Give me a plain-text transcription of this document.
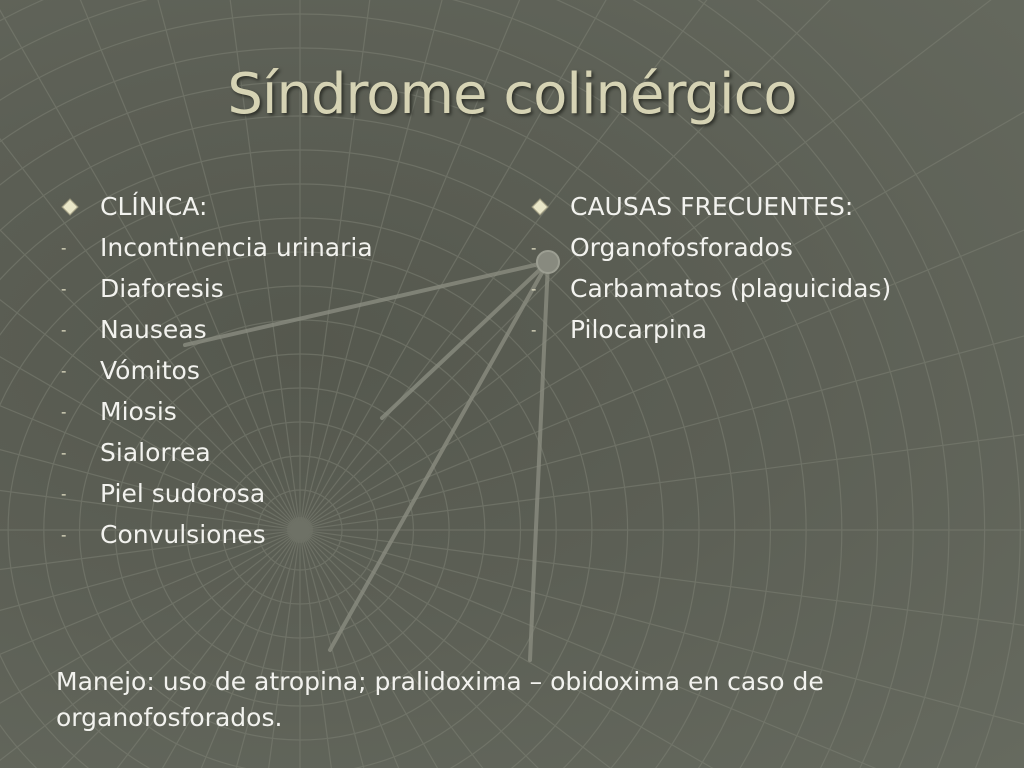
Síndrome colinérgico
CLÍNICA:
- Incontinencia urinaria
- Diaforesis
- Nauseas
- Vómitos
- Miosis
- Sialorrea
- Piel sudorosa
- Convulsiones
CAUSAS FRECUENTES:
- Organofosforados
- Carbamatos (plaguicidas)
- Pilocarpina
Manejo: uso de atropina; pralidoxima – obidoxima en caso de organofosforados.
